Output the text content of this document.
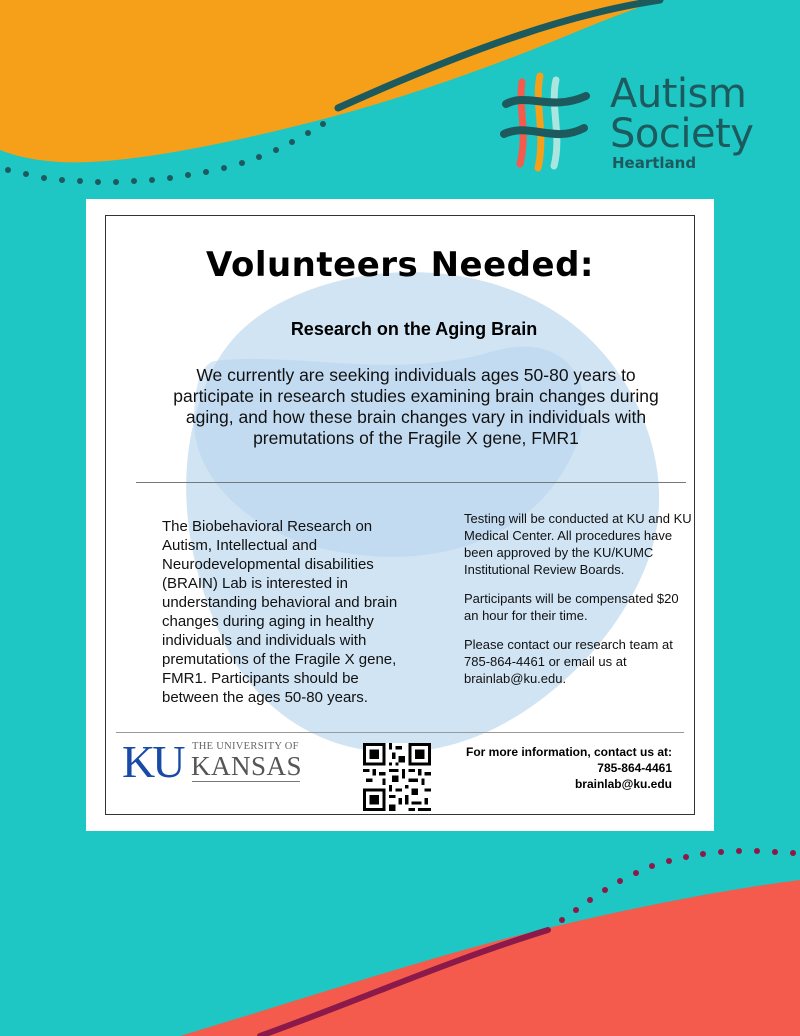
Autism
Society
Heartland
Volunteers Needed:
Research on the Aging Brain
We currently are seeking individuals ages 50-80 years to participate in research studies examining brain changes during aging, and how these brain changes vary in individuals with premutations of the Fragile X gene, FMR1
The Biobehavioral Research on Autism, Intellectual and Neurodevelopmental disabilities (BRAIN) Lab is interested in understanding behavioral and brain changes during aging in healthy individuals and individuals with premutations of the Fragile X gene, FMR1. Participants should be between the ages 50-80 years.

Testing will be conducted at KU and KU Medical Center. All procedures have been approved by the KU/KUMC Institutional Review Boards.

Participants will be compensated $20 an hour for their time.

Please contact our research team at 785-864-4461 or email us at brainlab@ku.edu.

KU THE UNIVERSITY OF
KANSAS	For more information, contact us at:
785-864-4461
brainlab@ku.edu
